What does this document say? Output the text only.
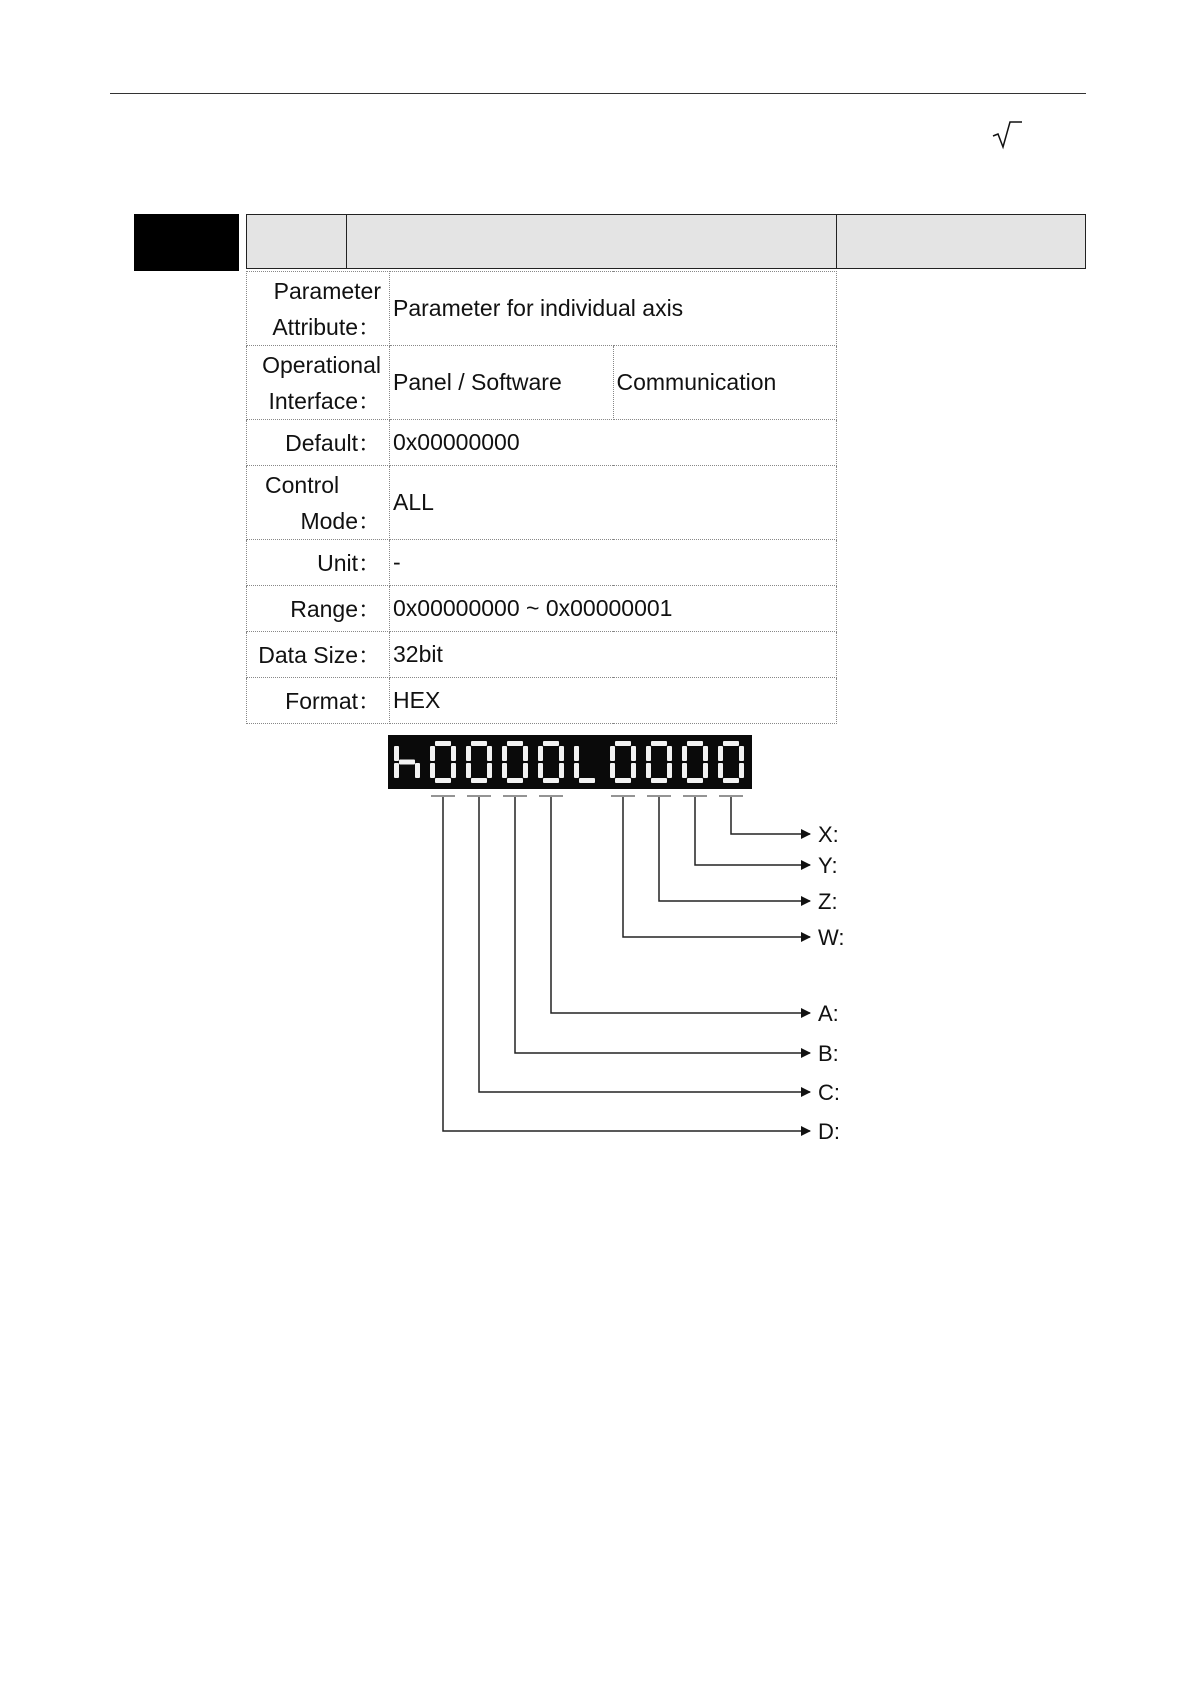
Parameter
Attribute：	Parameter for individual axis	

Operational
Interface：	Panel / Software	Communication
Default：	0x00000000	

Control
Mode：	ALL	
Unit：	-	
Range：	0x00000000 ~ 0x00000001	
Data Size：	32bit	
Format：	HEX	
X:
Y:
Z:
W:
A:
B:
C:
D:
